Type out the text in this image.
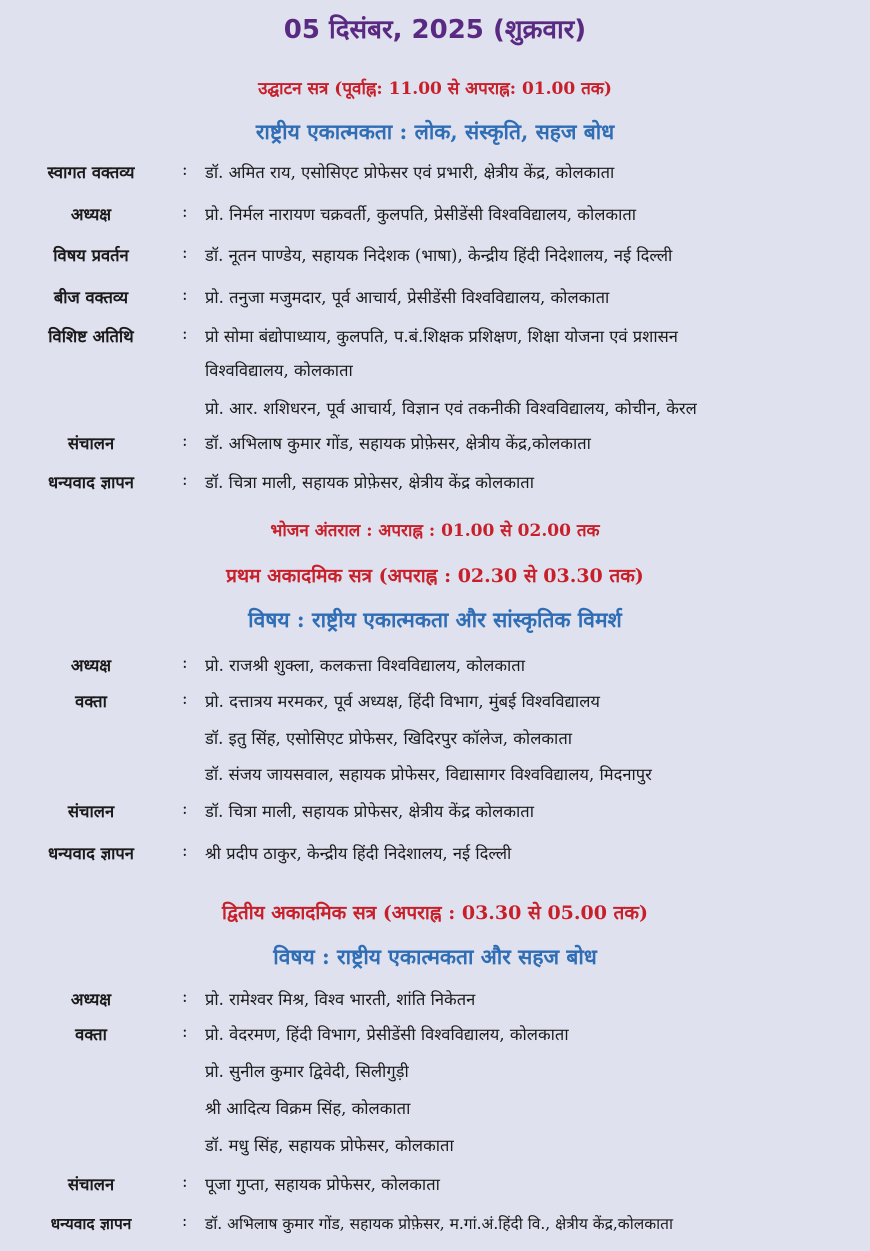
05 दिसंबर, 2025 (शुक्रवार)
उद्घाटन सत्र (पूर्वाह्न: 11.00 से अपराह्न: 01.00 तक)
राष्ट्रीय एकात्मकता : लोक, संस्कृति, सहज बोध
स्वागत वक्तव्य	: डॉ. अमित राय, एसोसिएट प्रोफेसर एवं प्रभारी, क्षेत्रीय केंद्र, कोलकाता
अध्यक्ष	: प्रो. निर्मल नारायण चक्रवर्ती, कुलपति, प्रेसीडेंसी विश्वविद्यालय, कोलकाता
विषय प्रवर्तन	: डॉ. नूतन पाण्डेय, सहायक निदेशक (भाषा), केन्द्रीय हिंदी निदेशालय, नई दिल्ली
बीज वक्तव्य	: प्रो. तनुजा मजुमदार, पूर्व आचार्य, प्रेसीडेंसी विश्वविद्यालय, कोलकाता
विशिष्ट अतिथि	: प्रो सोमा बंद्योपाध्याय, कुलपति, प.बं.शिक्षक प्रशिक्षण, शिक्षा योजना एवं प्रशासन
विश्वविद्यालय, कोलकाता
प्रो. आर. शशिधरन, पूर्व आचार्य, विज्ञान एवं तकनीकी विश्वविद्यालय, कोचीन, केरल
संचालन	: डॉ. अभिलाष कुमार गोंड, सहायक प्रोफ़ेसर, क्षेत्रीय केंद्र,कोलकाता
धन्यवाद ज्ञापन	: डॉ. चित्रा माली, सहायक प्रोफ़ेसर, क्षेत्रीय केंद्र कोलकाता
भोजन अंतराल : अपराह्न : 01.00 से 02.00 तक
प्रथम अकादमिक सत्र (अपराह्न : 02.30 से 03.30 तक)
विषय : राष्ट्रीय एकात्मकता और सांस्कृतिक विमर्श
अध्यक्ष	: प्रो. राजश्री शुक्ला, कलकत्ता विश्वविद्यालय, कोलकाता
वक्ता	: प्रो. दत्तात्रय मरमकर, पूर्व अध्यक्ष, हिंदी विभाग, मुंबई विश्वविद्यालय
डॉ. इतु सिंह, एसोसिएट प्रोफेसर, खिदिरपुर कॉलेज, कोलकाता
डॉ. संजय जायसवाल, सहायक प्रोफेसर, विद्यासागर विश्वविद्यालय, मिदनापुर
संचालन	: डॉ. चित्रा माली, सहायक प्रोफेसर, क्षेत्रीय केंद्र कोलकाता
धन्यवाद ज्ञापन	: श्री प्रदीप ठाकुर, केन्द्रीय हिंदी निदेशालय, नई दिल्ली
द्वितीय अकादमिक सत्र (अपराह्न : 03.30 से 05.00 तक)
विषय : राष्ट्रीय एकात्मकता और सहज बोध
अध्यक्ष	: प्रो. रामेश्वर मिश्र, विश्व भारती, शांति निकेतन
वक्ता	: प्रो. वेदरमण, हिंदी विभाग, प्रेसीडेंसी विश्वविद्यालय, कोलकाता
प्रो. सुनील कुमार द्विवेदी, सिलीगुड़ी
श्री आदित्य विक्रम सिंह, कोलकाता
डॉ. मधु सिंह, सहायक प्रोफेसर, कोलकाता
संचालन	: पूजा गुप्ता, सहायक प्रोफेसर, कोलकाता
धन्यवाद ज्ञापन	: डॉ. अभिलाष कुमार गोंड, सहायक प्रोफ़ेसर, म.गां.अं.हिंदी वि., क्षेत्रीय केंद्र,कोलकाता
